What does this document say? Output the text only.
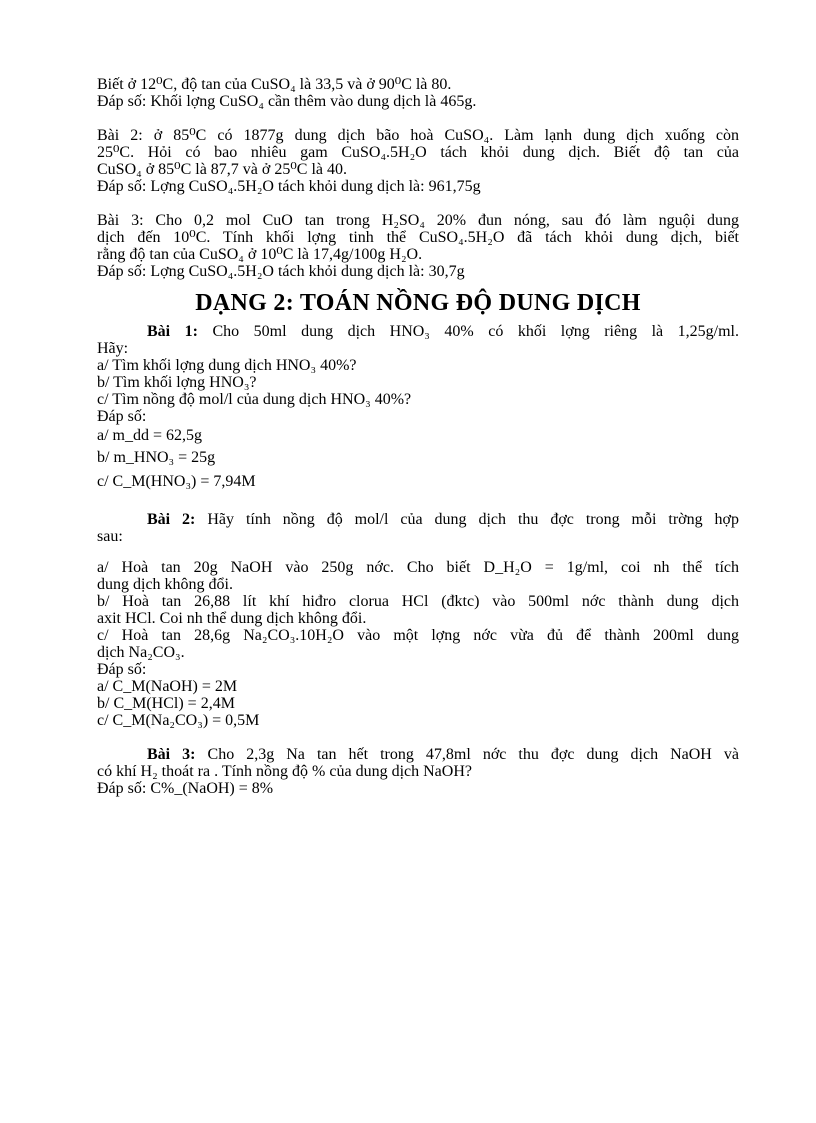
Biết ở 12⁰C, độ tan của CuSO₄ là 33,5 và ở 90⁰C là 80.

Đáp số: Khối lợng CuSO₄ cần thêm vào dung dịch là 465g.

Bài 2: ở 85⁰C có 1877g dung dịch bão hoà CuSO₄. Làm lạnh dung dịch xuống còn

25⁰C. Hỏi có bao nhiêu gam CuSO₄.5H₂O tách khỏi dung dịch. Biết độ tan của

CuSO₄ ở 85⁰C là 87,7 và ở 25⁰C là 40.

Đáp số: Lợng CuSO₄.5H₂O tách khỏi dung dịch là: 961,75g

Bài 3: Cho 0,2 mol CuO tan trong H₂SO₄ 20% đun nóng, sau đó làm nguội dung

dịch đến 10⁰C. Tính khối lợng tinh thể CuSO₄.5H₂O đã tách khỏi dung dịch, biết

rằng độ tan của CuSO₄ ở 10⁰C là 17,4g/100g H₂O.

Đáp số: Lợng CuSO₄.5H₂O tách khỏi dung dịch là: 30,7g

DẠNG 2: TOÁN NỒNG ĐỘ DUNG DỊCH

Bài 1: Cho 50ml dung dịch HNO₃ 40% có khối lợng riêng là 1,25g/ml.

Hãy:

a/ Tìm khối lợng dung dịch HNO₃ 40%?

b/ Tìm khối lợng HNO₃?

c/ Tìm nồng độ mol/l của dung dịch HNO₃ 40%?

Đáp số:

a/ m_dd = 62,5g

b/ m_HNO₃ = 25g

c/ C_M(HNO₃) = 7,94M

Bài 2: Hãy tính nồng độ mol/l của dung dịch thu đợc trong mỗi trờng hợp

sau:

a/ Hoà tan 20g NaOH vào 250g nớc. Cho biết D_H₂O = 1g/ml, coi nh thể tích

dung dịch không đổi.

b/ Hoà tan 26,88 lít khí hiđro clorua HCl (đktc) vào 500ml nớc thành dung dịch

axit HCl. Coi nh thể dung dịch không đổi.

c/ Hoà tan 28,6g Na₂CO₃.10H₂O vào một lợng nớc vừa đủ để thành 200ml dung

dịch Na₂CO₃.

Đáp số:

a/ C_M(NaOH) = 2M

b/ C_M(HCl) = 2,4M

c/ C_M(Na₂CO₃) = 0,5M

Bài 3: Cho 2,3g Na tan hết trong 47,8ml nớc thu đợc dung dịch NaOH và

có khí H₂ thoát ra . Tính nồng độ % của dung dịch NaOH?

Đáp số: C%_(NaOH) = 8%
